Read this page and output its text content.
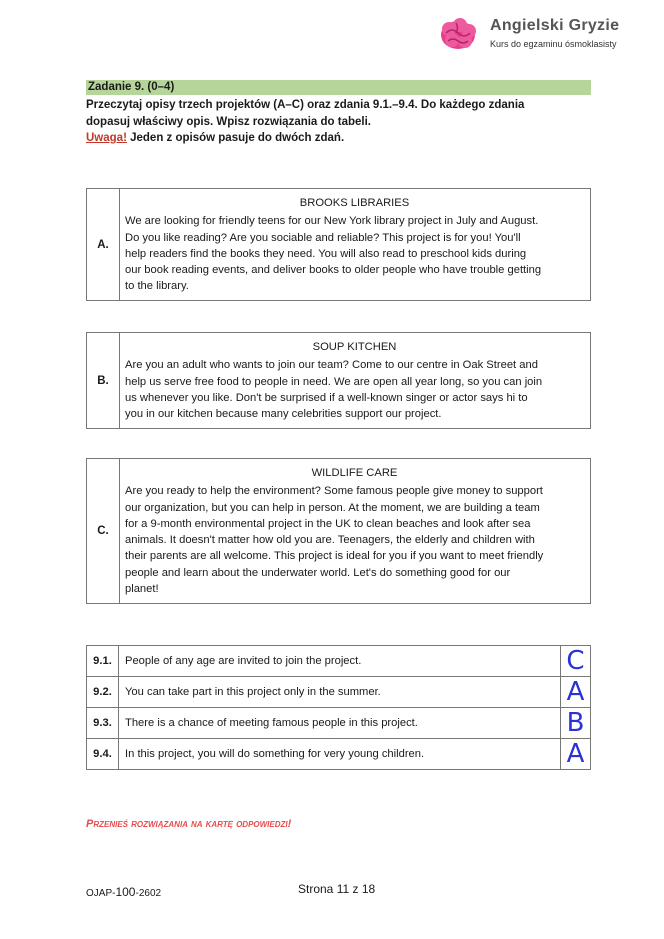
Angielski Gryzie
Kurs do egzaminu ósmoklasisty
Zadanie 9. (0–4)
Przeczytaj opisy trzech projektów (A–C) oraz zdania 9.1.–9.4. Do każdego zdania
dopasuj właściwy opis. Wpisz rozwiązania do tabeli.
Uwaga! Jeden z opisów pasuje do dwóch zdań.
A.
BROOKS LIBRARIES
We are looking for friendly teens for our New York library project in July and August.
Do you like reading? Are you sociable and reliable? This project is for you! You'll
help readers find the books they need. You will also read to preschool kids during
our book reading events, and deliver books to older people who have trouble getting
to the library.
B.
SOUP KITCHEN
Are you an adult who wants to join our team? Come to our centre in Oak Street and
help us serve free food to people in need. We are open all year long, so you can join
us whenever you like. Don't be surprised if a well-known singer or actor says hi to
you in our kitchen because many celebrities support our project.
C.
WILDLIFE CARE
Are you ready to help the environment? Some famous people give money to support
our organization, but you can help in person. At the moment, we are building a team
for a 9-month environmental project in the UK to clean beaches and look after sea
animals. It doesn't matter how old you are. Teenagers, the elderly and children with
their parents are all welcome. This project is ideal for you if you want to meet friendly
people and learn about the underwater world. Let's do something good for our
planet!
9.1.	People of any age are invited to join the project.	C
9.2.	You can take part in this project only in the summer.	A
9.3.	There is a chance of meeting famous people in this project.	B
9.4.	In this project, you will do something for very young children.	A
Przenieś rozwiązania na kartę odpowiedzi!
OJAP-100-2602	Strona 11 z 18
